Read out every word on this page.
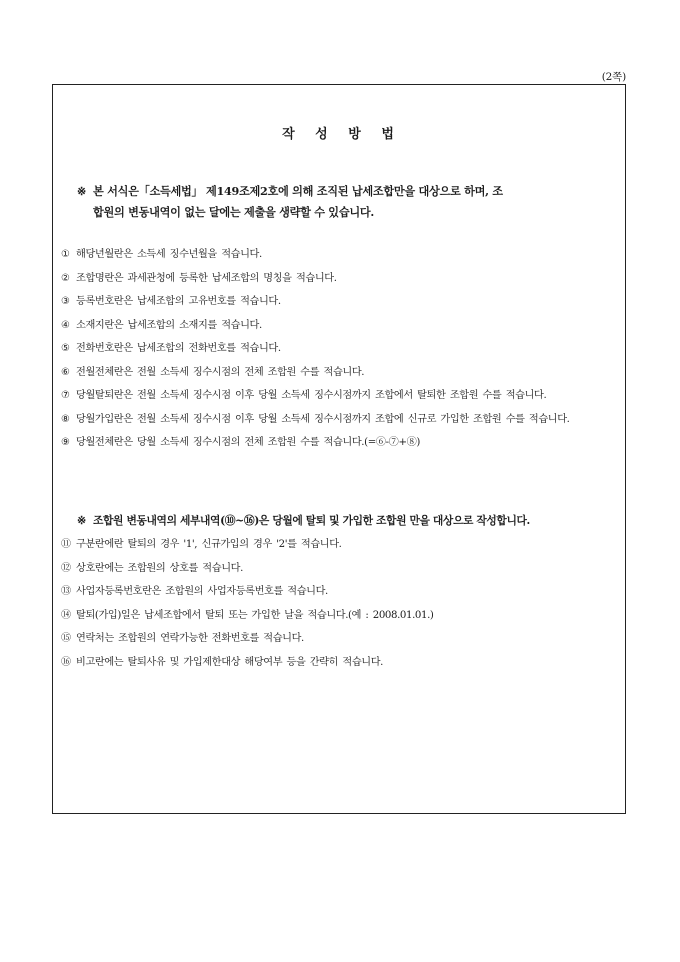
(2쪽)
작 성 방 법
※ 본 서식은「소득세법」 제149조제2호에 의해 조직된 납세조합만을 대상으로 하며, 조
합원의 변동내역이 없는 달에는 제출을 생략할 수 있습니다.
① 해당년월란은 소득세 징수년월을 적습니다.
② 조합명란은 과세관청에 등록한 납세조합의 명칭을 적습니다.
③ 등록번호란은 납세조합의 고유번호를 적습니다.
④ 소재지란은 납세조합의 소재지를 적습니다.
⑤ 전화번호란은 납세조합의 전화번호를 적습니다.
⑥ 전월전체란은 전월 소득세 징수시점의 전체 조합원 수를 적습니다.
⑦ 당월탈퇴란은 전월 소득세 징수시점 이후 당월 소득세 징수시점까지 조합에서 탈퇴한 조합원 수를 적습니다.
⑧ 당월가입란은 전월 소득세 징수시점 이후 당월 소득세 징수시점까지 조합에 신규로 가입한 조합원 수를 적습니다.
⑨ 당월전체란은 당월 소득세 징수시점의 전체 조합원 수를 적습니다.(=⑥-⑦+⑧)
※ 조합원 변동내역의 세부내역(⑩~⑯)은 당월에 탈퇴 및 가입한 조합원 만을 대상으로 작성합니다.
⑪ 구분란에란 탈퇴의 경우 '1', 신규가입의 경우 '2'를 적습니다.
⑫ 상호란에는 조합원의 상호를 적습니다.
⑬ 사업자등록번호란은 조합원의 사업자등록번호를 적습니다.
⑭ 탈퇴(가입)일은 납세조합에서 탈퇴 또는 가입한 날을 적습니다.(예 : 2008.01.01.)
⑮ 연락처는 조합원의 연락가능한 전화번호를 적습니다.
⑯ 비고란에는 탈퇴사유 및 가입제한대상 해당여부 등을 간략히 적습니다.
